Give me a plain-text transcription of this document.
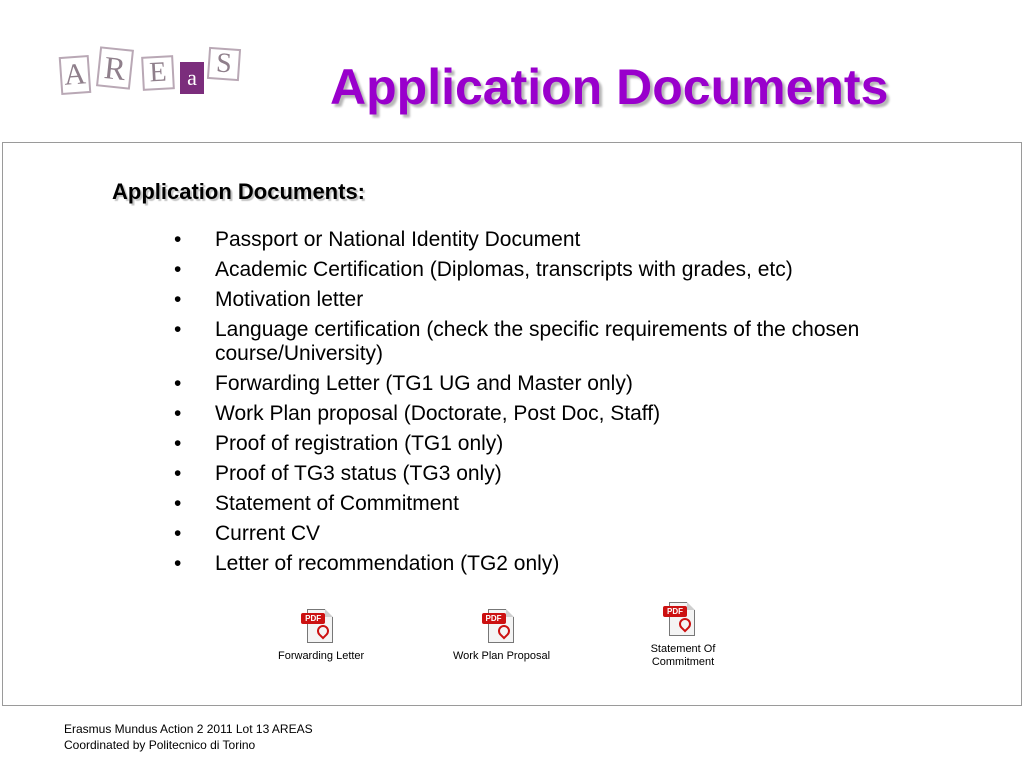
A R E a S Application Documents
Application Documents:
• Passport or National Identity Document
• Academic Certification (Diplomas, transcripts with grades, etc)
• Motivation letter
• Language certification (check the specific requirements of the chosen course/University)
• Forwarding Letter (TG1 UG and Master only)
• Work Plan proposal (Doctorate, Post Doc, Staff)
• Proof of registration (TG1 only)
• Proof of TG3 status (TG3 only)
• Statement of Commitment
• Current CV
• Letter of recommendation (TG2 only)
PDF
Forwarding Letter
PDF
Work Plan Proposal
PDF
Statement Of Commitment
Erasmus Mundus Action 2 2011 Lot 13 AREAS
Coordinated by Politecnico di Torino
